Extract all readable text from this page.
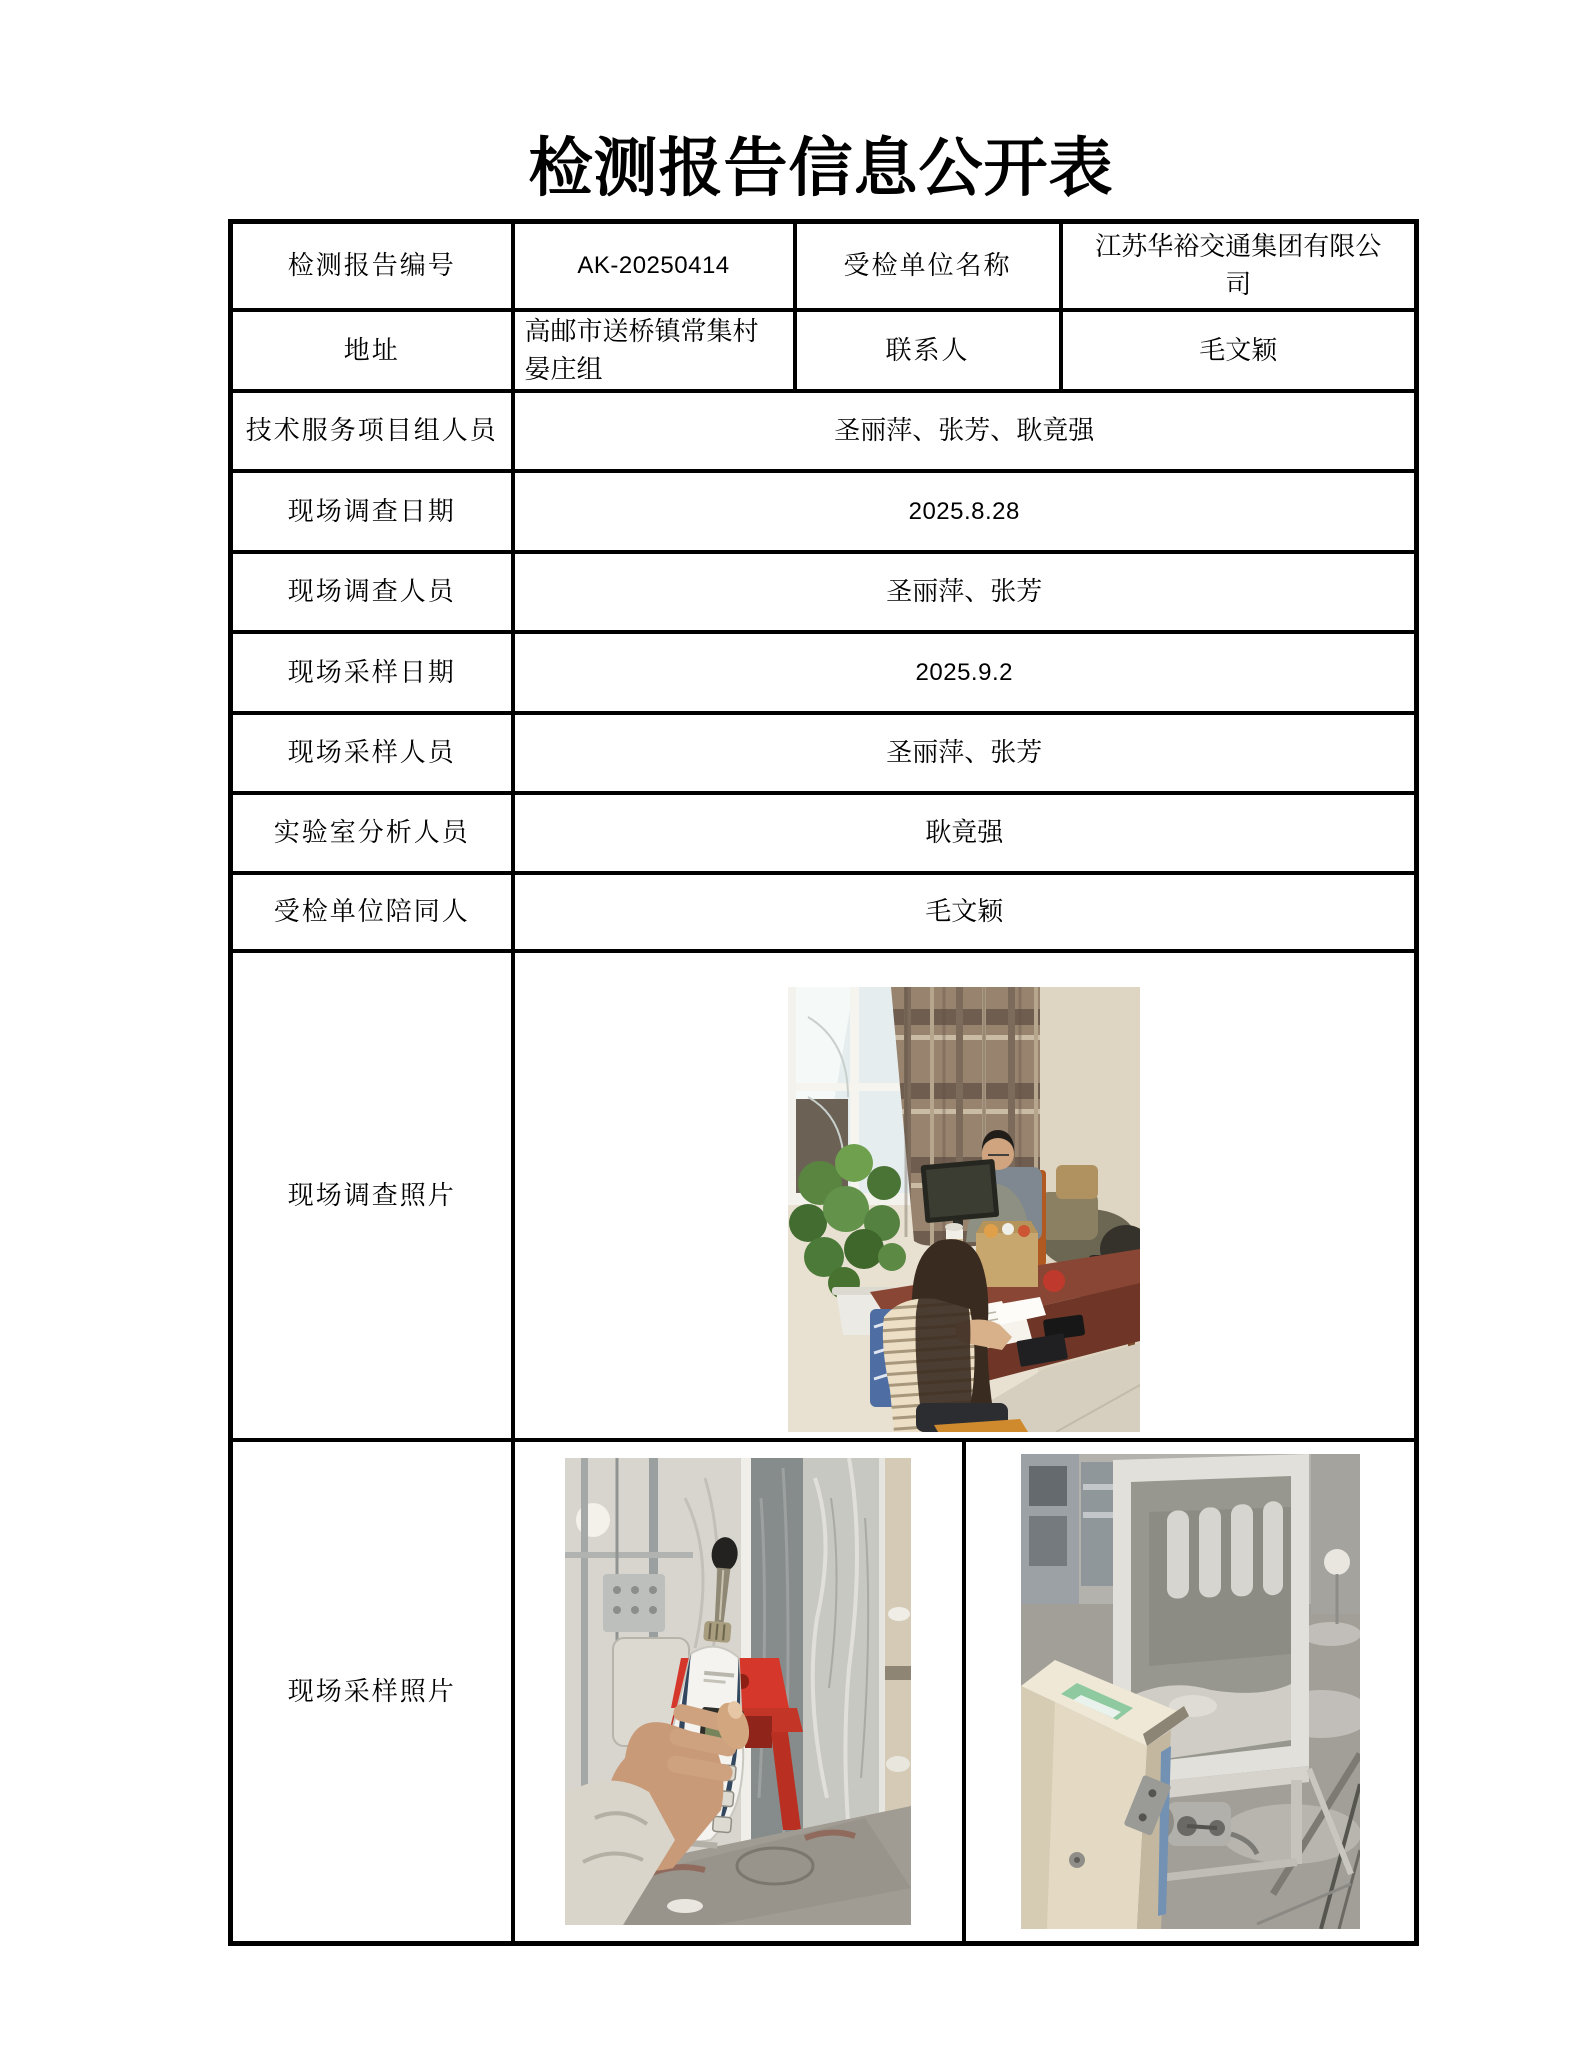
检测报告信息公开表
检测报告编号	AK-20250414	受检单位名称	江苏华裕交通集团有限公司
地址	高邮市送桥镇常集村晏庄组	联系人	毛文颖
技术服务项目组人员	圣丽萍、张芳、耿竟强		
现场调查日期	2025.8.28		
现场调查人员	圣丽萍、张芳		
现场采样日期	2025.9.2		
现场采样人员	圣丽萍、张芳		
实验室分析人员	耿竟强		
受检单位陪同人	毛文颖		
现场调查照片	

现场采样照片	
